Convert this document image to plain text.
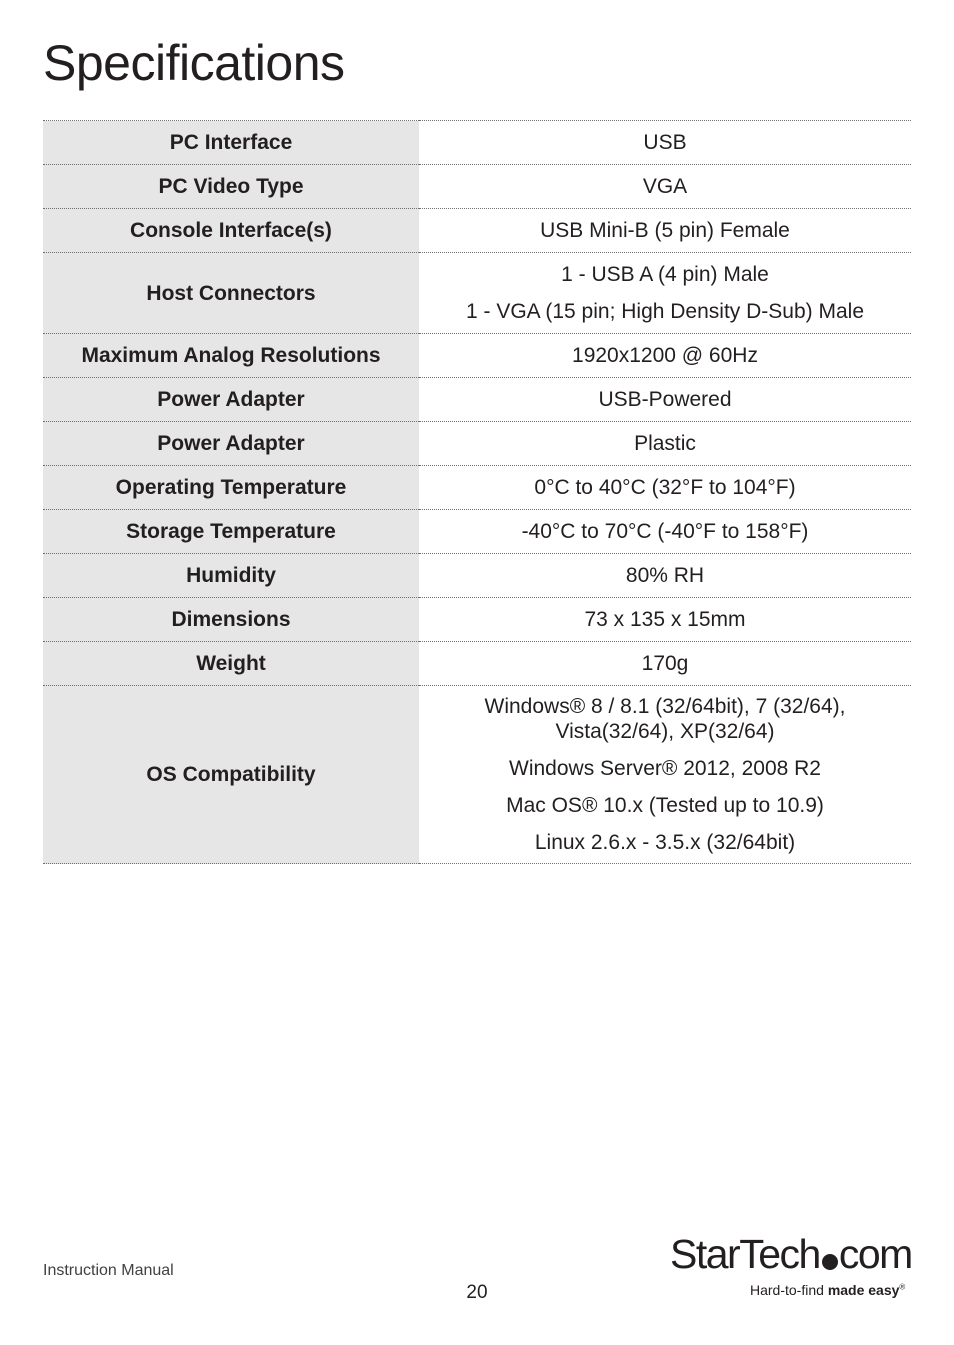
Specifications
PC Interface	USB

PC Video Type	VGA

Console Interface(s)	USB Mini-B (5 pin) Female

Host Connectors	1 - USB A (4 pin) Male
1 - VGA (15 pin; High Density D-Sub) Male

Maximum Analog Resolutions	1920x1200 @ 60Hz

Power Adapter	USB-Powered

Power Adapter	Plastic

Operating Temperature	0°C to 40°C (32°F to 104°F)

Storage Temperature	-40°C to 70°C (-40°F to 158°F)

Humidity	80% RH

Dimensions	73 x 135 x 15mm

Weight	170g

OS Compatibility	Windows® 8 / 8.1 (32/64bit), 7 (32/64), Vista(32/64), XP(32/64)
Windows Server® 2012, 2008 R2
Mac OS® 10.x (Tested up to 10.9)
Linux 2.6.x - 3.5.x (32/64bit)
Instruction Manual
20
StarTech com
Hard-to-find made easy®
